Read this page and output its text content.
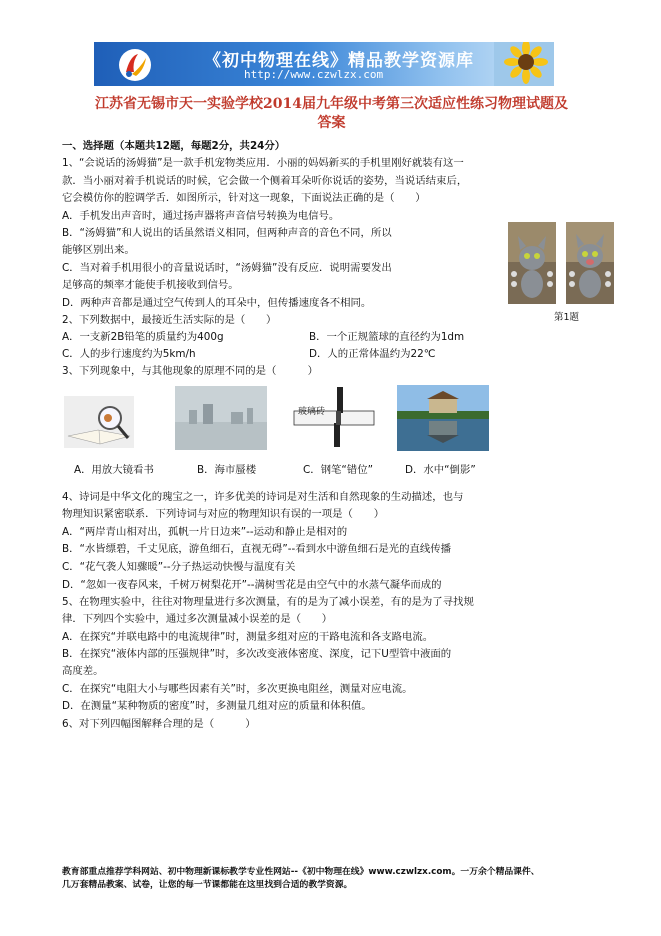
《初中物理在线》精品教学资源库
http://www.czwlzx.com
江苏省无锡市天一实验学校2014届九年级中考第三次适应性练习物理试题及
答案
一、选择题（本题共12题，每题2分，共24分）
1、“会说话的汤姆猫”是一款手机宠物类应用．小丽的妈妈新买的手机里刚好就装有这一
款．当小丽对着手机说话的时候，它会做一个侧着耳朵听你说话的姿势，当说话结束后，
它会模仿你的腔调学舌．如图所示，针对这一现象，下面说法正确的是（　　）
A．手机发出声音时，通过扬声器将声音信号转换为电信号。
B．“汤姆猫”和人说出的话虽然语义相同，但两种声音的音色不同，所以
能够区别出来。
C．当对着手机用很小的音量说话时，“汤姆猫”没有反应．说明需要发出
足够高的频率才能使手机接收到信号。
D．两种声音都是通过空气传到人的耳朵中，但传播速度各不相同。
第1题
2、下列数据中，最接近生活实际的是（　　）
A．一支新2B铅笔的质量约为400g	B．一个正规篮球的直径约为1dm
C．人的步行速度约为5km/h	D．人的正常体温约为22℃
3、下列现象中，与其他现象的原理不同的是（　　　）
玻璃砖
A．用放大镜看书	B．海市蜃楼	C．钢笔“错位”	D．水中“倒影”
4、诗词是中华文化的瑰宝之一，许多优美的诗词是对生活和自然现象的生动描述，也与
物理知识紧密联系．下列诗词与对应的物理知识有误的一项是（　　）
A．“两岸青山相对出，孤帆一片日边来”--运动和静止是相对的
B．“水皆缥碧，千丈见底，游鱼细石，直视无碍”--看到水中游鱼细石是光的直线传播
C．“花气袭人知骤暖”--分子热运动快慢与温度有关
D．“忽如一夜春风来，千树万树梨花开”--满树雪花是由空气中的水蒸气凝华而成的
5、在物理实验中，往往对物理量进行多次测量，有的是为了减小误差，有的是为了寻找规
律．下列四个实验中，通过多次测量减小误差的是（　　）
A．在探究“并联电路中的电流规律”时，测量多组对应的干路电流和各支路电流。
B．在探究“液体内部的压强规律”时，多次改变液体密度、深度，记下U型管中液面的
高度差。
C．在探究“电阻大小与哪些因素有关”时，多次更换电阻丝，测量对应电流。
D．在测量“某种物质的密度”时，多测量几组对应的质量和体积值。
6、对下列四幅图解释合理的是（　　　）
教育部重点推荐学科网站、初中物理新课标教学专业性网站--《初中物理在线》www.czwlzx.com。一万余个精品课件、
几万套精品教案、试卷，让您的每一节课都能在这里找到合适的教学资源。
